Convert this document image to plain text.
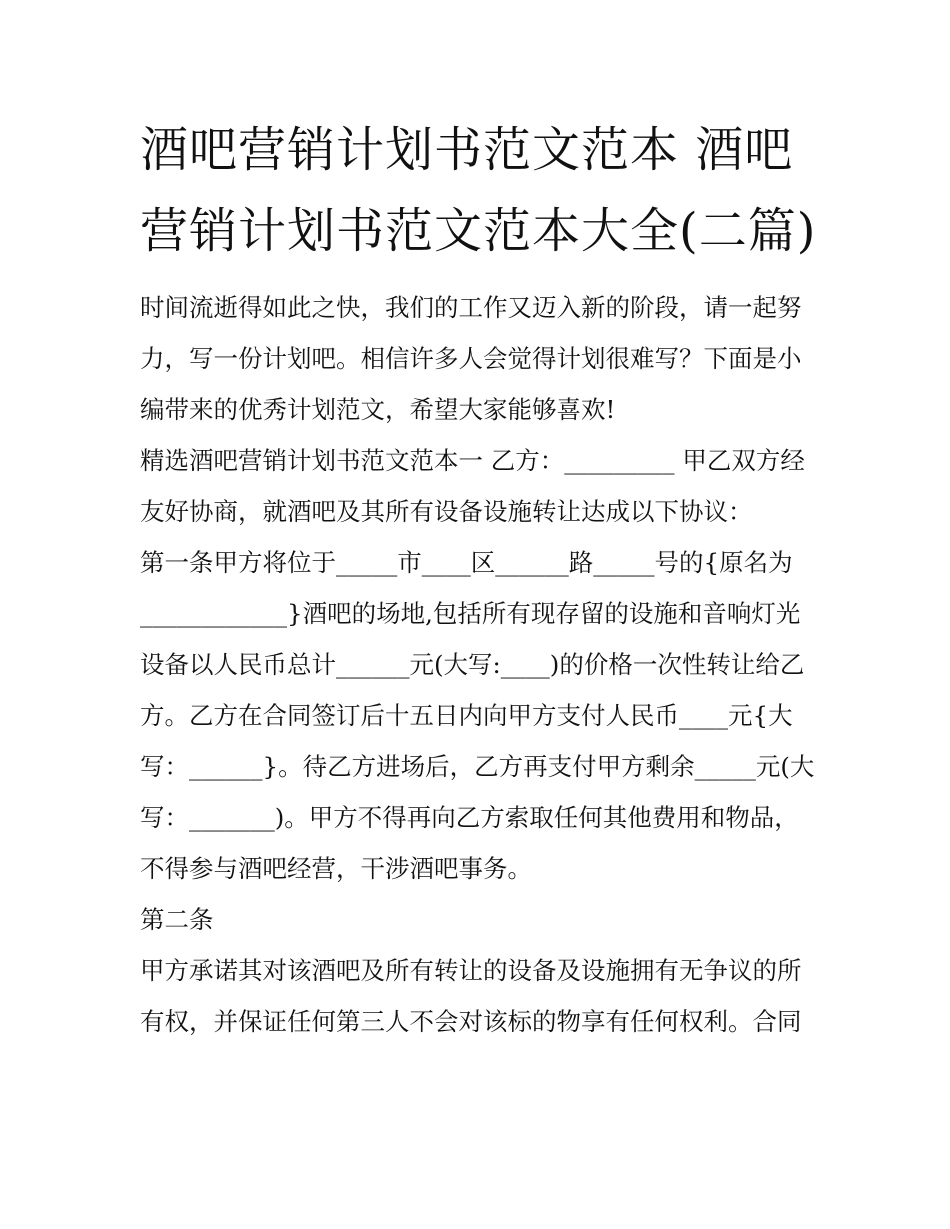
酒吧营销计划书范文范本 酒吧营销计划书范文范本大全(二篇)

时间流逝得如此之快，我们的工作又迈入新的阶段，请一起努力，写一份计划吧。相信许多人会觉得计划很难写？下面是小编带来的优秀计划范文，希望大家能够喜欢!

精选酒吧营销计划书范文范本一 乙方：_________ 甲乙双方经友好协商，就酒吧及其所有设备设施转让达成以下协议：

第一条甲方将位于_____市____区______路_____号的{原名为____________}酒吧的场地,包括所有现存留的设施和音响灯光设备以人民币总计______元(大写:____)的价格一次性转让给乙方。乙方在合同签订后十五日内向甲方支付人民币____元{大写：______}。待乙方进场后，乙方再支付甲方剩余_____元(大写：_______)。甲方不得再向乙方索取任何其他费用和物品，不得参与酒吧经营，干涉酒吧事务。

第二条

甲方承诺其对该酒吧及所有转让的设备及设施拥有无争议的所有权，并保证任何第三人不会对该标的物享有任何权利。合同
